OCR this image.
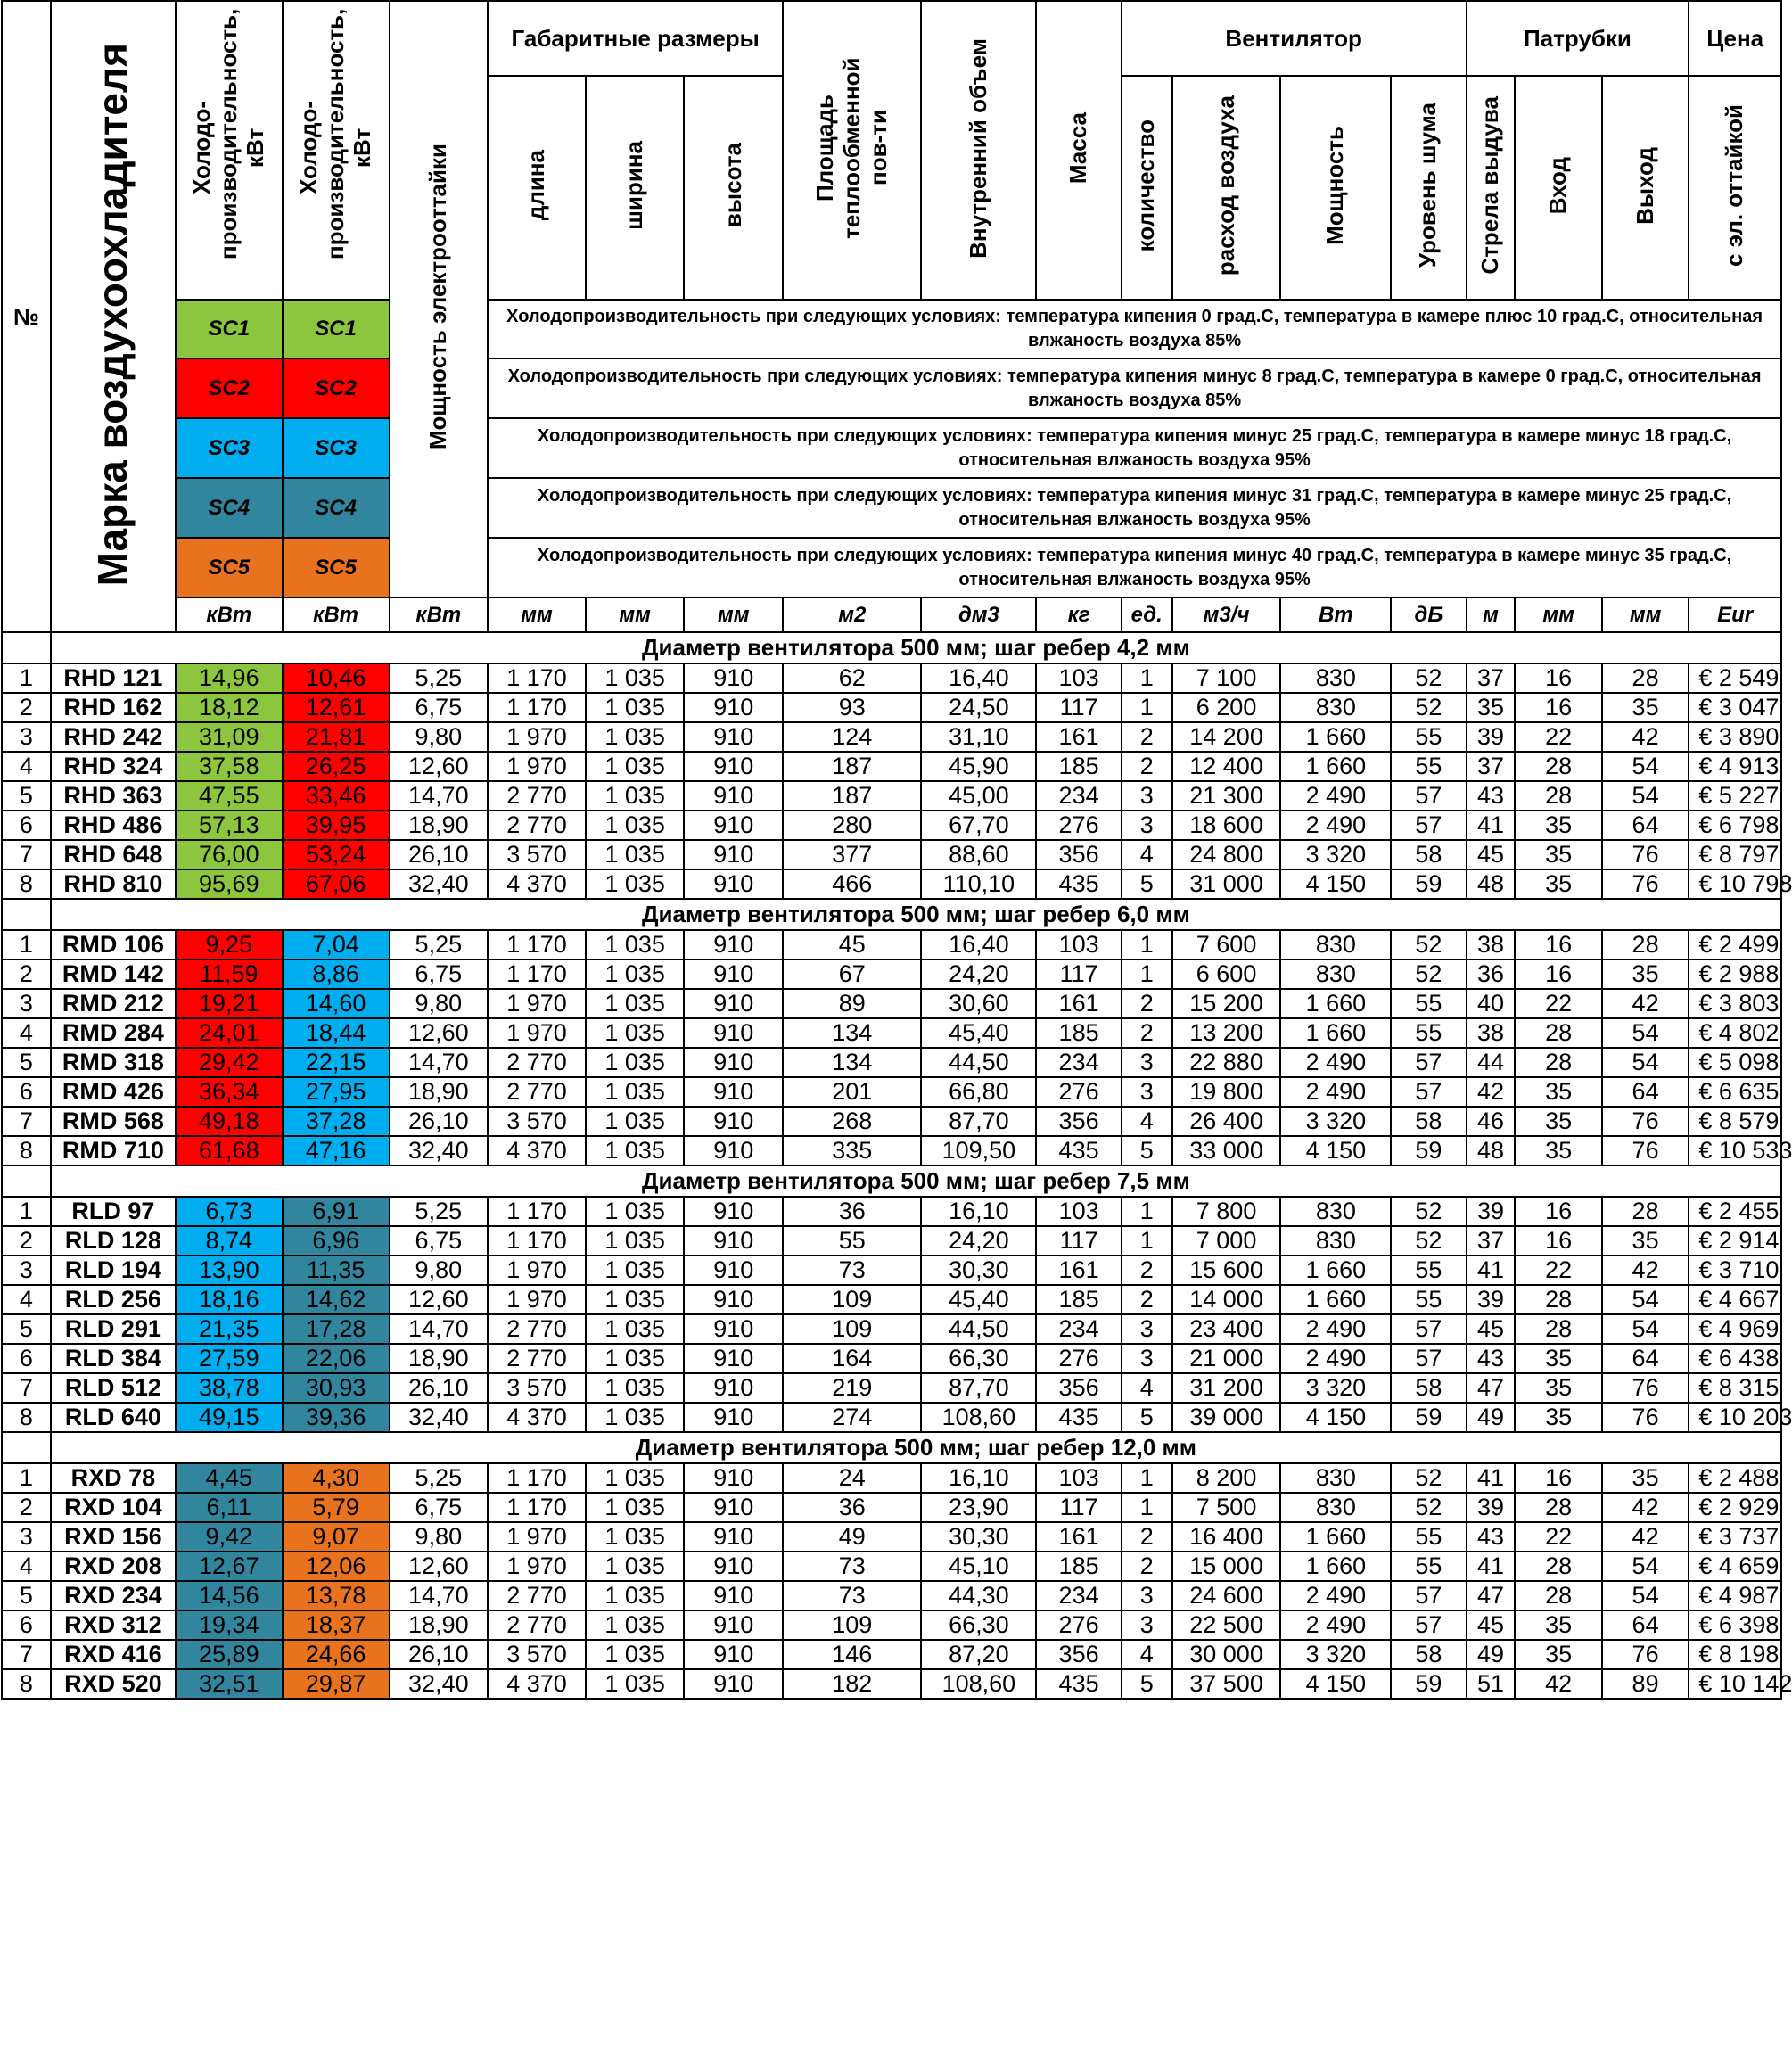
№	Марка воздухоохладителя	Холодо-производительность, кВт	Холодо-производительность, кВт	Мощность электрооттайки	Габаритные размеры			Площадь теплообменной пов-ти	Внутренний объем	Масса	Вентилятор				Патрубки			Цена
					длина	ширина	высота				количество	расход воздуха	Мощность	Уровень шума	Стрела выдува	Вход	Выход	с эл. оттайкой
		SC1	SC1		Холодопроизводительность при следующих условиях: температура кипения 0 град.С, температура в камере плюс 10 град.С, относительная влжаность воздуха 85%													
		SC2	SC2		Холодопроизводительность при следующих условиях: температура кипения минус 8 град.С, температура в камере 0 град.С, относительная влжаность воздуха 85%													
		SC3	SC3		Холодопроизводительность при следующих условиях: температура кипения минус 25 град.С, температура в камере минус 18 град.С, относительная влжаность воздуха 95%													
		SC4	SC4		Холодопроизводительность при следующих условиях: температура кипения минус 31 град.С, температура в камере минус 25 град.С, относительная влжаность воздуха 95%													
		SC5	SC5		Холодопроизводительность при следующих условиях: температура кипения минус 40 град.С, температура в камере минус 35 град.С, относительная влжаность воздуха 95%													
		кВт	кВт	кВт	мм	мм	мм	м2	дм3	кг	ед.	м3/ч	Вт	дБ	м	мм	мм	Eur
	Диаметр вентилятора 500 мм; шаг ребер 4,2 мм																	
1	RHD 121	14,96	10,46	5,25	1 170	1 035	910	62	16,40	103	1	7 100	830	52	37	16	28	€ 2 549
2	RHD 162	18,12	12,61	6,75	1 170	1 035	910	93	24,50	117	1	6 200	830	52	35	16	35	€ 3 047
3	RHD 242	31,09	21,81	9,80	1 970	1 035	910	124	31,10	161	2	14 200	1 660	55	39	22	42	€ 3 890
4	RHD 324	37,58	26,25	12,60	1 970	1 035	910	187	45,90	185	2	12 400	1 660	55	37	28	54	€ 4 913
5	RHD 363	47,55	33,46	14,70	2 770	1 035	910	187	45,00	234	3	21 300	2 490	57	43	28	54	€ 5 227
6	RHD 486	57,13	39,95	18,90	2 770	1 035	910	280	67,70	276	3	18 600	2 490	57	41	35	64	€ 6 798
7	RHD 648	76,00	53,24	26,10	3 570	1 035	910	377	88,60	356	4	24 800	3 320	58	45	35	76	€ 8 797
8	RHD 810	95,69	67,06	32,40	4 370	1 035	910	466	110,10	435	5	31 000	4 150	59	48	35	76	€ 10 798
	Диаметр вентилятора 500 мм; шаг ребер 6,0 мм																	
1	RMD 106	9,25	7,04	5,25	1 170	1 035	910	45	16,40	103	1	7 600	830	52	38	16	28	€ 2 499
2	RMD 142	11,59	8,86	6,75	1 170	1 035	910	67	24,20	117	1	6 600	830	52	36	16	35	€ 2 988
3	RMD 212	19,21	14,60	9,80	1 970	1 035	910	89	30,60	161	2	15 200	1 660	55	40	22	42	€ 3 803
4	RMD 284	24,01	18,44	12,60	1 970	1 035	910	134	45,40	185	2	13 200	1 660	55	38	28	54	€ 4 802
5	RMD 318	29,42	22,15	14,70	2 770	1 035	910	134	44,50	234	3	22 880	2 490	57	44	28	54	€ 5 098
6	RMD 426	36,34	27,95	18,90	2 770	1 035	910	201	66,80	276	3	19 800	2 490	57	42	35	64	€ 6 635
7	RMD 568	49,18	37,28	26,10	3 570	1 035	910	268	87,70	356	4	26 400	3 320	58	46	35	76	€ 8 579
8	RMD 710	61,68	47,16	32,40	4 370	1 035	910	335	109,50	435	5	33 000	4 150	59	48	35	76	€ 10 533
	Диаметр вентилятора 500 мм; шаг ребер 7,5 мм																	
1	RLD 97	6,73	6,91	5,25	1 170	1 035	910	36	16,10	103	1	7 800	830	52	39	16	28	€ 2 455
2	RLD 128	8,74	6,96	6,75	1 170	1 035	910	55	24,20	117	1	7 000	830	52	37	16	35	€ 2 914
3	RLD 194	13,90	11,35	9,80	1 970	1 035	910	73	30,30	161	2	15 600	1 660	55	41	22	42	€ 3 710
4	RLD 256	18,16	14,62	12,60	1 970	1 035	910	109	45,40	185	2	14 000	1 660	55	39	28	54	€ 4 667
5	RLD 291	21,35	17,28	14,70	2 770	1 035	910	109	44,50	234	3	23 400	2 490	57	45	28	54	€ 4 969
6	RLD 384	27,59	22,06	18,90	2 770	1 035	910	164	66,30	276	3	21 000	2 490	57	43	35	64	€ 6 438
7	RLD 512	38,78	30,93	26,10	3 570	1 035	910	219	87,70	356	4	31 200	3 320	58	47	35	76	€ 8 315
8	RLD 640	49,15	39,36	32,40	4 370	1 035	910	274	108,60	435	5	39 000	4 150	59	49	35	76	€ 10 203
	Диаметр вентилятора 500 мм; шаг ребер 12,0 мм																	
1	RXD 78	4,45	4,30	5,25	1 170	1 035	910	24	16,10	103	1	8 200	830	52	41	16	35	€ 2 488
2	RXD 104	6,11	5,79	6,75	1 170	1 035	910	36	23,90	117	1	7 500	830	52	39	28	42	€ 2 929
3	RXD 156	9,42	9,07	9,80	1 970	1 035	910	49	30,30	161	2	16 400	1 660	55	43	22	42	€ 3 737
4	RXD 208	12,67	12,06	12,60	1 970	1 035	910	73	45,10	185	2	15 000	1 660	55	41	28	54	€ 4 659
5	RXD 234	14,56	13,78	14,70	2 770	1 035	910	73	44,30	234	3	24 600	2 490	57	47	28	54	€ 4 987
6	RXD 312	19,34	18,37	18,90	2 770	1 035	910	109	66,30	276	3	22 500	2 490	57	45	35	64	€ 6 398
7	RXD 416	25,89	24,66	26,10	3 570	1 035	910	146	87,20	356	4	30 000	3 320	58	49	35	76	€ 8 198
8	RXD 520	32,51	29,87	32,40	4 370	1 035	910	182	108,60	435	5	37 500	4 150	59	51	42	89	€ 10 142
